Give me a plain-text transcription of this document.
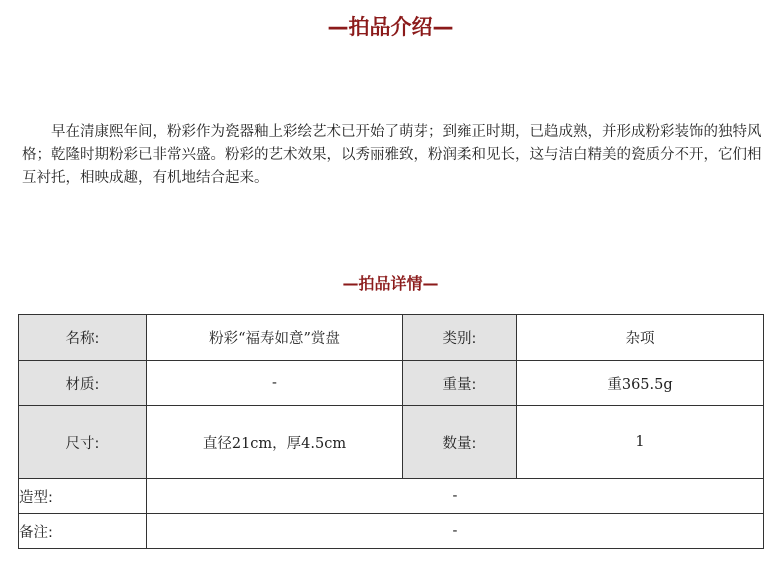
—拍品介绍—

早在清康熙年间，粉彩作为瓷器釉上彩绘艺术已开始了萌芽；到雍正时期，已趋成熟，并形成粉彩装饰的独特风格；乾隆时期粉彩已非常兴盛。粉彩的艺术效果，以秀丽雅致，粉润柔和见长，这与洁白精美的瓷质分不开，它们相互衬托，相映成趣，有机地结合起来。

—拍品详情—
名称:	粉彩“福寿如意”赏盘	类别:	杂项
材质:	-	重量:	重365.5g
尺寸:	直径21cm，厚4.5cm	数量:	1
造型:	-		
备注:	-		
